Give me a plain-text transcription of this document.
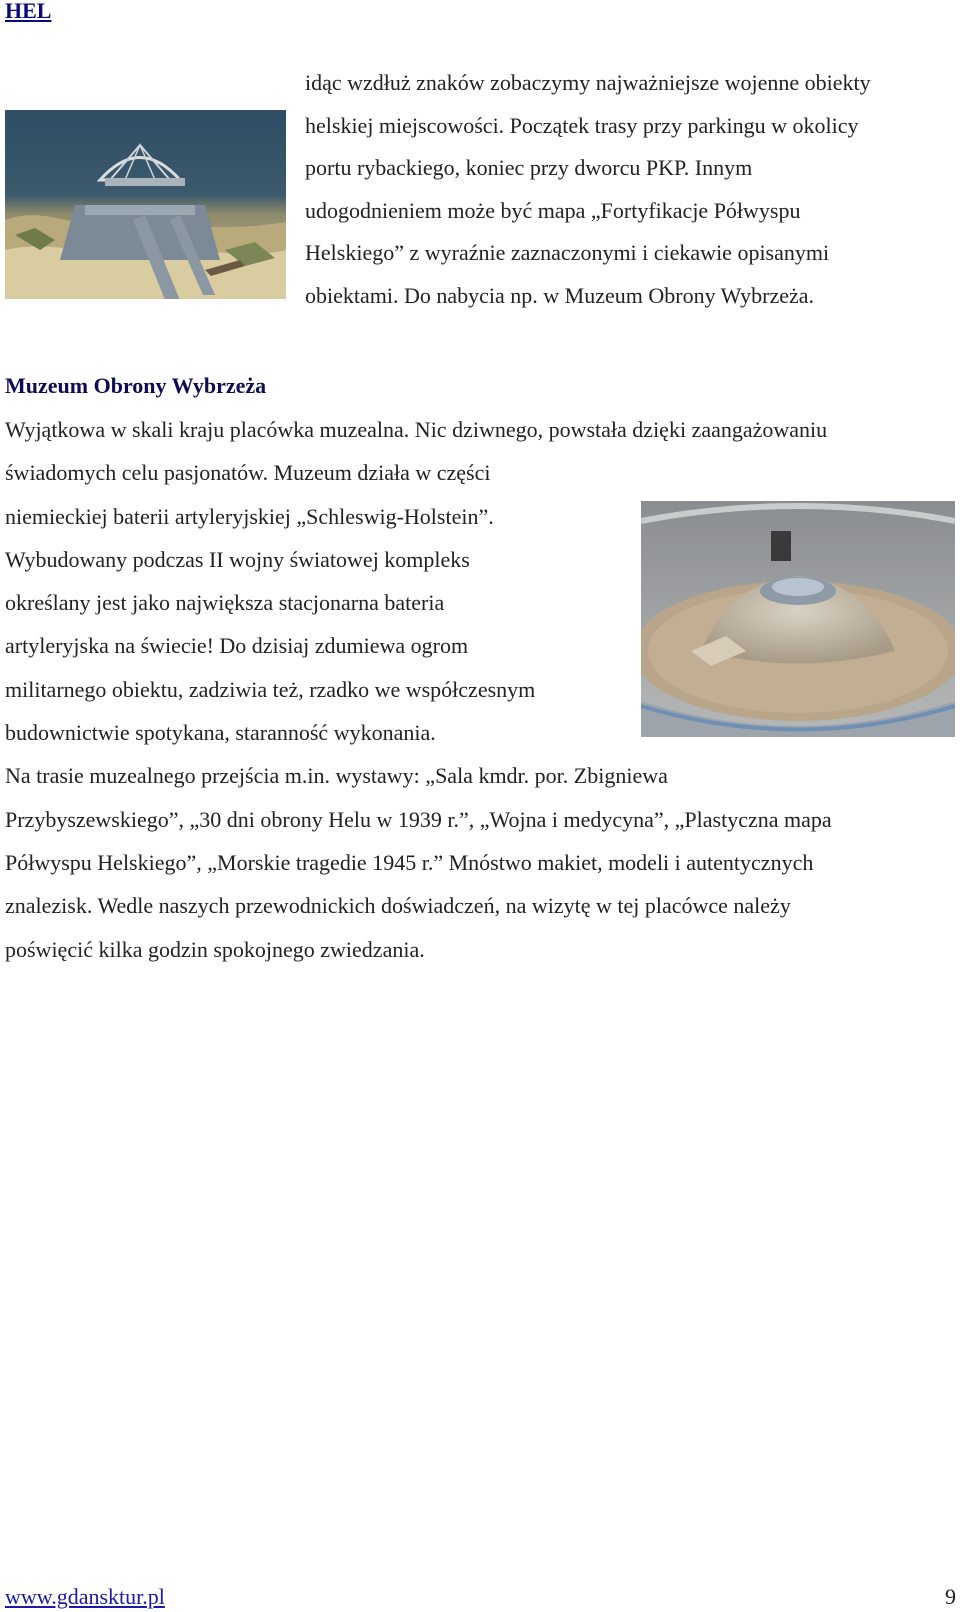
HEL
idąc wzdłuż znaków zobaczymy najważniejsze wojenne obiekty
helskiej miejscowości. Początek trasy przy parkingu w okolicy
portu rybackiego, koniec przy dworcu PKP. Innym
udogodnieniem może być mapa „Fortyfikacje Półwyspu
Helskiego” z wyraźnie zaznaczonymi i ciekawie opisanymi
obiektami. Do nabycia np. w Muzeum Obrony Wybrzeża.
Muzeum Obrony Wybrzeża
Wyjątkowa w skali kraju placówka muzealna. Nic dziwnego, powstała dzięki zaangażowaniu
świadomych celu pasjonatów. Muzeum działa w części
niemieckiej baterii artyleryjskiej „Schleswig-Holstein”.
Wybudowany podczas II wojny światowej kompleks
określany jest jako największa stacjonarna bateria
artyleryjska na świecie! Do dzisiaj zdumiewa ogrom
militarnego obiektu, zadziwia też, rzadko we współczesnym
budownictwie spotykana, staranność wykonania.
Na trasie muzealnego przejścia m.in. wystawy: „Sala kmdr. por. Zbigniewa
Przybyszewskiego”, „30 dni obrony Helu w 1939 r.”, „Wojna i medycyna”, „Plastyczna mapa
Półwyspu Helskiego”, „Morskie tragedie 1945 r.” Mnóstwo makiet, modeli i autentycznych
znalezisk. Wedle naszych przewodnickich doświadczeń, na wizytę w tej placówce należy
poświęcić kilka godzin spokojnego zwiedzania.
www.gdansktur.pl	9
